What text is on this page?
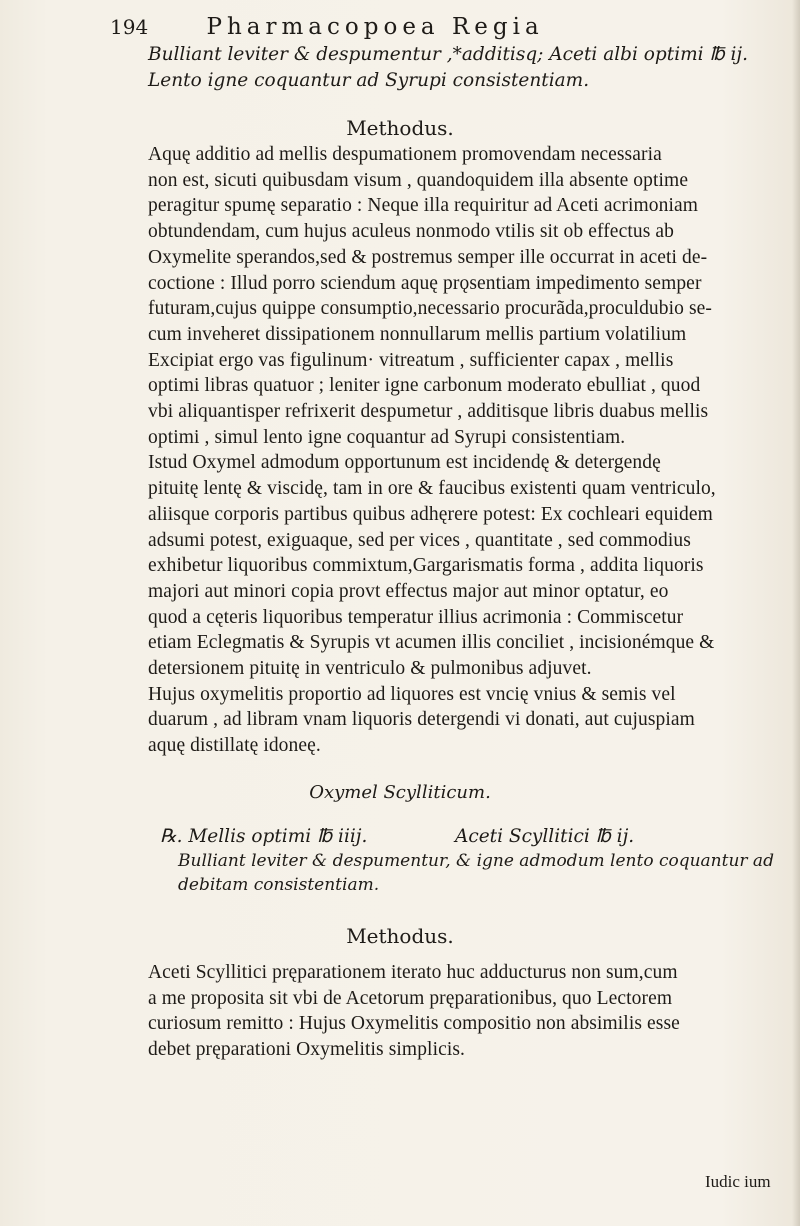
194	Pharmacopoea Regia
Bulliant leviter & despumentur ,*additisq; Aceti albi optimi ℔ ij.
Lento igne coquantur ad Syrupi consistentiam.
Methodus.
Aquę additio ad mellis despumationem promovendam necessaria
non est, sicuti quibusdam visum , quandoquidem illa absente optime
peragitur spumę separatio : Neque illa requiritur ad Aceti acrimoniam
obtundendam, cum hujus aculeus nonmodo vtilis sit ob effectus ab
Oxymelite sperandos,sed & postremus semper ille occurrat in aceti de-
coctione : Illud porro sciendum aquę prǫsentiam impedimento semper
futuram,cujus quippe consumptio,necessario procurãda,proculdubio se-
cum inveheret dissipationem nonnullarum mellis partium volatilium
Excipiat ergo vas figulinum· vitreatum , sufficienter capax , mellis
optimi libras quatuor ; leniter igne carbonum moderato ebulliat , quod
vbi aliquantisper refrixerit despumetur , additisque libris duabus mellis
optimi , simul lento igne coquantur ad Syrupi consistentiam.
Istud Oxymel admodum opportunum est incidendę & detergendę
pituitę lentę & viscidę, tam in ore & faucibus existenti quam ventriculo,
aliisque corporis partibus quibus adhęrere potest: Ex cochleari equidem
adsumi potest, exiguaque, sed per vices , quantitate , sed commodius
exhibetur liquoribus commixtum,Gargarismatis forma , addita liquoris
majori aut minori copia provt effectus major aut minor optatur, eo
quod a cęteris liquoribus temperatur illius acrimonia : Commiscetur
etiam Eclegmatis & Syrupis vt acumen illis conciliet , incisionémque &
detersionem pituitę in ventriculo & pulmonibus adjuvet.
Hujus oxymelitis proportio ad liquores est vncię vnius & semis vel
duarum , ad libram vnam liquoris detergendi vi donati, aut cujuspiam
aquę distillatę idoneę.
Oxymel Scylliticum.
℞. Mellis optimi ℔ iiij.	Aceti Scyllitici ℔ ij.
Bulliant leviter & despumentur, & igne admodum lento coquantur ad
debitam consistentiam.
Methodus.
Aceti Scyllitici pręparationem iterato huc adducturus non sum,cum
a me proposita sit vbi de Acetorum pręparationibus, quo Lectorem
curiosum remitto : Hujus Oxymelitis compositio non absimilis esse
debet pręparationi Oxymelitis simplicis.
Iudic ium
